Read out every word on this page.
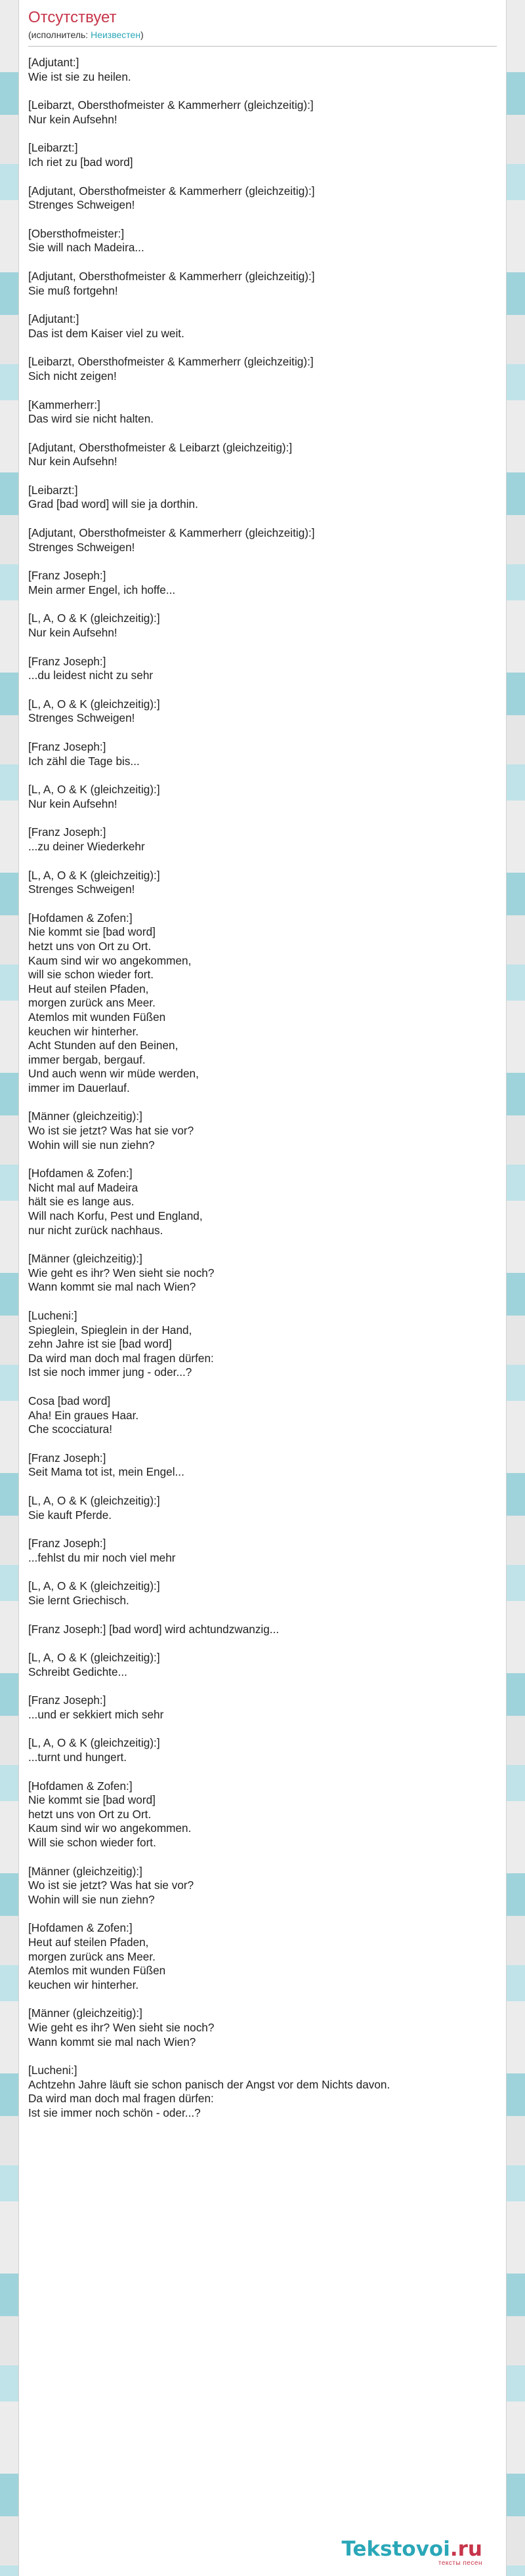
Отсутствует
(исполнитель: Неизвестен)
[Adjutant:]
Wie ist sie zu heilen.
[Leibarzt, Obersthofmeister & Kammerherr (gleichzeitig):]
Nur kein Aufsehn!
[Leibarzt:]
Ich riet zu [bad word]
[Adjutant, Obersthofmeister & Kammerherr (gleichzeitig):]
Strenges Schweigen!
[Obersthofmeister:]
Sie will nach Madeira...
[Adjutant, Obersthofmeister & Kammerherr (gleichzeitig):]
Sie muß fortgehn!
[Adjutant:]
Das ist dem Kaiser viel zu weit.
[Leibarzt, Obersthofmeister & Kammerherr (gleichzeitig):]
Sich nicht zeigen!
[Kammerherr:]
Das wird sie nicht halten.
[Adjutant, Obersthofmeister & Leibarzt (gleichzeitig):]
Nur kein Aufsehn!
[Leibarzt:]
Grad [bad word] will sie ja dorthin.
[Adjutant, Obersthofmeister & Kammerherr (gleichzeitig):]
Strenges Schweigen!
[Franz Joseph:]
Mein armer Engel, ich hoffe...
[L, A, O & K (gleichzeitig):]
Nur kein Aufsehn!
[Franz Joseph:]
...du leidest nicht zu sehr
[L, A, O & K (gleichzeitig):]
Strenges Schweigen!
[Franz Joseph:]
Ich zähl die Tage bis...
[L, A, O & K (gleichzeitig):]
Nur kein Aufsehn!
[Franz Joseph:]
...zu deiner Wiederkehr
[L, A, O & K (gleichzeitig):]
Strenges Schweigen!
[Hofdamen & Zofen:]
Nie kommt sie [bad word]
hetzt uns von Ort zu Ort.
Kaum sind wir wo angekommen,
will sie schon wieder fort.
Heut auf steilen Pfaden,
morgen zurück ans Meer.
Atemlos mit wunden Füßen
keuchen wir hinterher.
Acht Stunden auf den Beinen,
immer bergab, bergauf.
Und auch wenn wir müde werden,
immer im Dauerlauf.
[Männer (gleichzeitig):]
Wo ist sie jetzt? Was hat sie vor?
Wohin will sie nun ziehn?
[Hofdamen & Zofen:]
Nicht mal auf Madeira
hält sie es lange aus.
Will nach Korfu, Pest und England,
nur nicht zurück nachhaus.
[Männer (gleichzeitig):]
Wie geht es ihr? Wen sieht sie noch?
Wann kommt sie mal nach Wien?
[Lucheni:]
Spieglein, Spieglein in der Hand,
zehn Jahre ist sie [bad word]
Da wird man doch mal fragen dürfen:
Ist sie noch immer jung - oder...?
Cosa [bad word]
Aha! Ein graues Haar.
Che scocciatura!
[Franz Joseph:]
Seit Mama tot ist, mein Engel...
[L, A, O & K (gleichzeitig):]
Sie kauft Pferde.
[Franz Joseph:]
...fehlst du mir noch viel mehr
[L, A, O & K (gleichzeitig):]
Sie lernt Griechisch.
[Franz Joseph:] [bad word] wird achtundzwanzig...
[L, A, O & K (gleichzeitig):]
Schreibt Gedichte...
[Franz Joseph:]
...und er sekkiert mich sehr
[L, A, O & K (gleichzeitig):]
...turnt und hungert.
[Hofdamen & Zofen:]
Nie kommt sie [bad word]
hetzt uns von Ort zu Ort.
Kaum sind wir wo angekommen.
Will sie schon wieder fort.
[Männer (gleichzeitig):]
Wo ist sie jetzt? Was hat sie vor?
Wohin will sie nun ziehn?
[Hofdamen & Zofen:]
Heut auf steilen Pfaden,
morgen zurück ans Meer.
Atemlos mit wunden Füßen
keuchen wir hinterher.
[Männer (gleichzeitig):]
Wie geht es ihr? Wen sieht sie noch?
Wann kommt sie mal nach Wien?
[Lucheni:]
Achtzehn Jahre läuft sie schon panisch der Angst vor dem Nichts davon.
Da wird man doch mal fragen dürfen:
Ist sie immer noch schön - oder...?
Tekstovoi.ru
тексты песен
